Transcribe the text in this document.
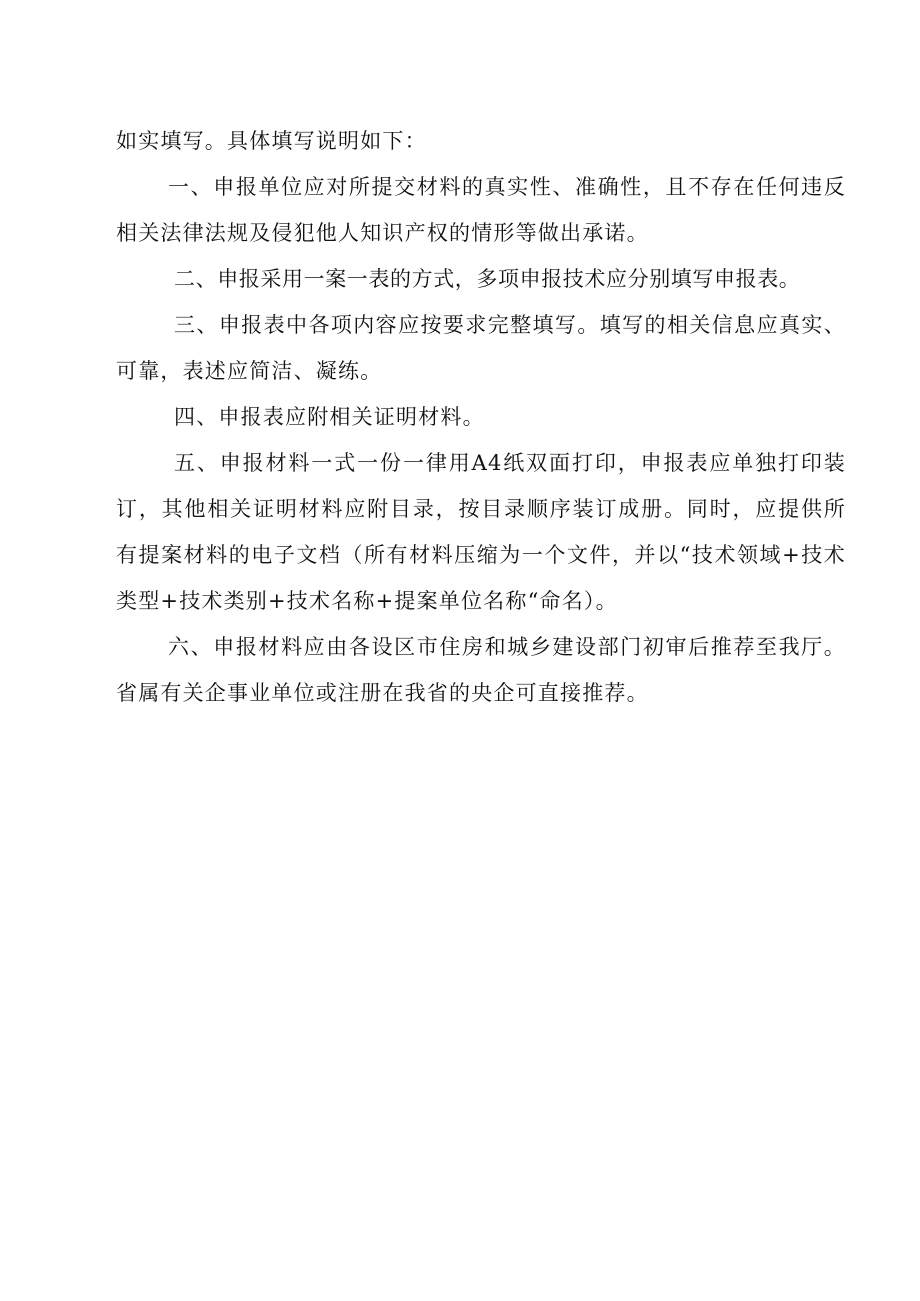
如实填写。具体填写说明如下：

一、申报单位应对所提交材料的真实性、准确性，且不存在任何违反相关法律法规及侵犯他人知识产权的情形等做出承诺。

二、申报采用一案一表的方式，多项申报技术应分别填写申报表。

三、申报表中各项内容应按要求完整填写。填写的相关信息应真实、可靠，表述应简洁、凝练。

四、申报表应附相关证明材料。

五、申报材料一式一份一律用A4纸双面打印，申报表应单独打印装订，其他相关证明材料应附目录，按目录顺序装订成册。同时，应提供所有提案材料的电子文档（所有材料压缩为一个文件，并以“技术领域+技术类型+技术类别+技术名称+提案单位名称“命名）。

六、申报材料应由各设区市住房和城乡建设部门初审后推荐至我厅。省属有关企事业单位或注册在我省的央企可直接推荐。
